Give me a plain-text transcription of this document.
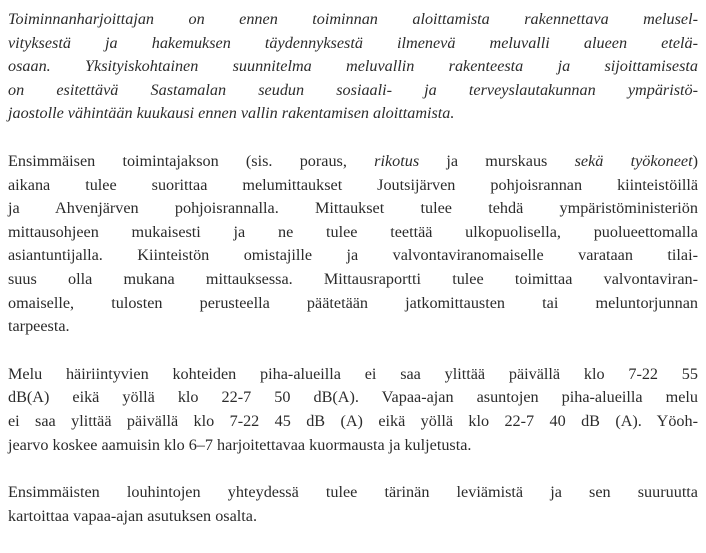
Toiminnanharjoittajan on ennen toiminnan aloittamista rakennettava melusel-
vityksestä ja hakemuksen täydennyksestä ilmenevä meluvalli alueen etelä-
osaan. Yksityiskohtainen suunnitelma meluvallin rakenteesta ja sijoittamisesta
on esitettävä Sastamalan seudun sosiaali- ja terveyslautakunnan ympäristö-
jaostolle vähintään kuukausi ennen vallin rakentamisen aloittamista.

Ensimmäisen toimintajakson (sis. poraus, rikotus ja murskaus sekä työkoneet)
aikana tulee suorittaa melumittaukset Joutsijärven pohjoisrannan kiinteistöillä
ja Ahvenjärven pohjoisrannalla. Mittaukset tulee tehdä ympäristöministeriön
mittausohjeen mukaisesti ja ne tulee teettää ulkopuolisella, puolueettomalla
asiantuntijalla. Kiinteistön omistajille ja valvontaviranomaiselle varataan tilai-
suus olla mukana mittauksessa. Mittausraportti tulee toimittaa valvontaviran-
omaiselle, tulosten perusteella päätetään jatkomittausten tai meluntorjunnan
tarpeesta.

Melu häiriintyvien kohteiden piha-alueilla ei saa ylittää päivällä klo 7-22 55
dB(A) eikä yöllä klo 22-7 50 dB(A). Vapaa-ajan asuntojen piha-alueilla melu
ei saa ylittää päivällä klo 7-22 45 dB (A) eikä yöllä klo 22-7 40 dB (A). Yöoh-
jearvo koskee aamuisin klo 6–7 harjoitettavaa kuormausta ja kuljetusta.

Ensimmäisten louhintojen yhteydessä tulee tärinän leviämistä ja sen suuruutta
kartoittaa vapaa-ajan asutuksen osalta.
